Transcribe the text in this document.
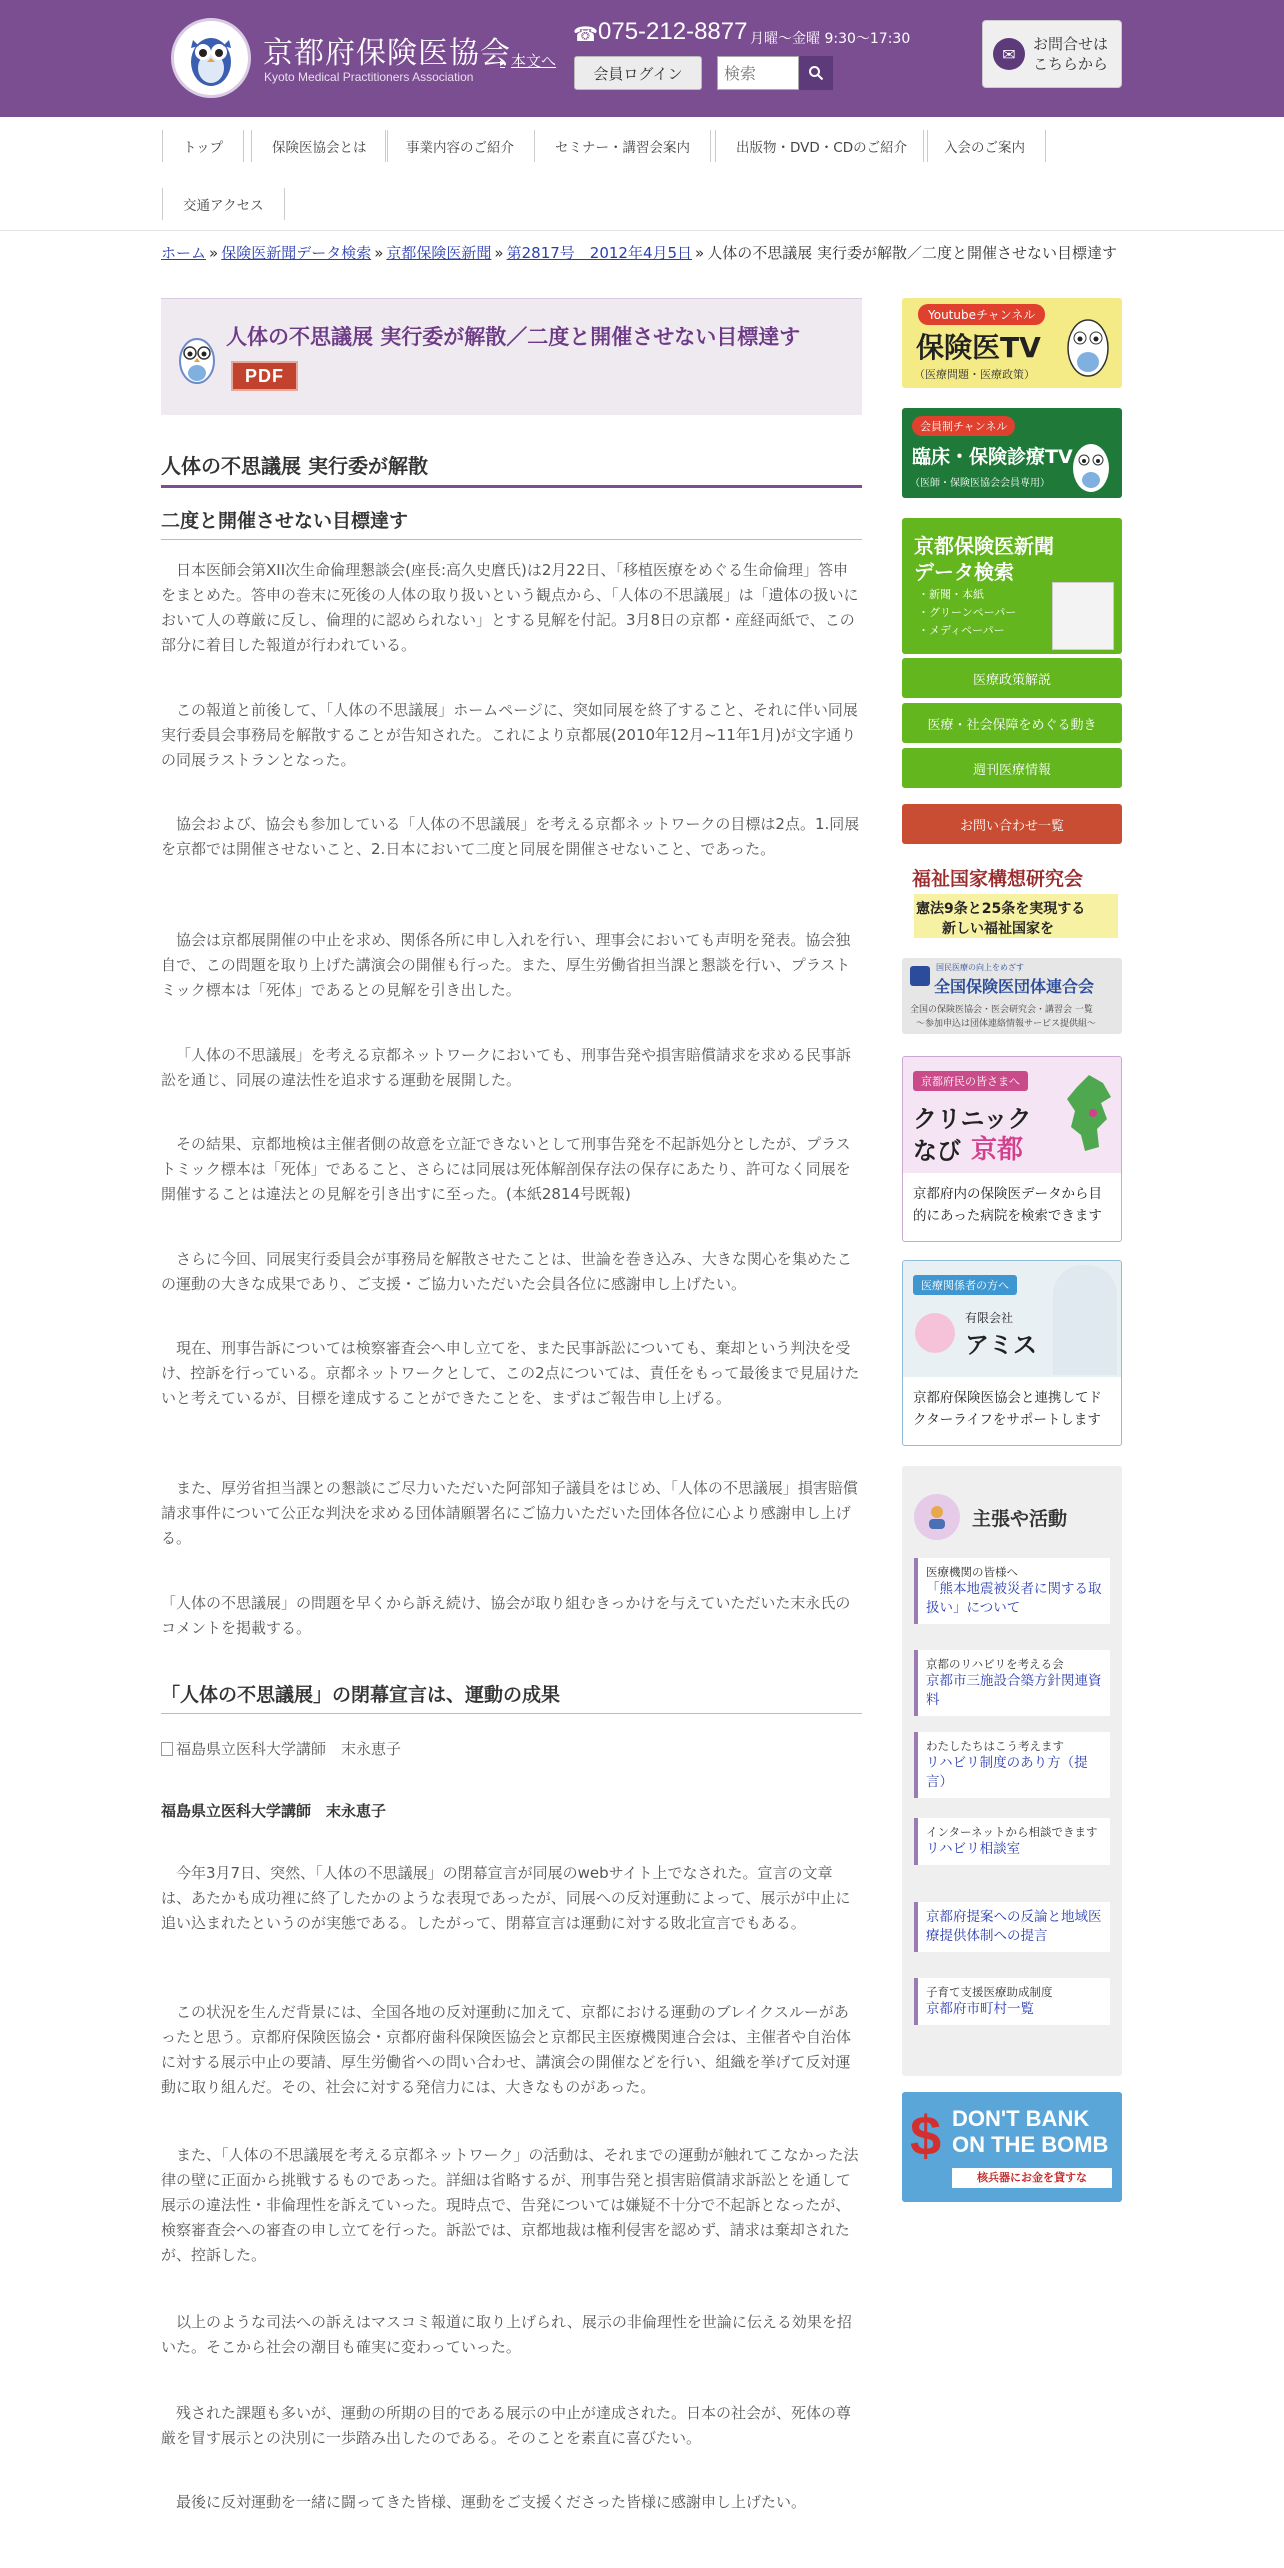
京都府保険医協会
Kyoto Medical Practitioners Association
▸ 本文へ
☎ 075-212-8877 月曜〜金曜 9:30〜17:30
会員ログイン
検索
✉
お問合せは
こちらから
トップ	保険医協会とは	事業内容のご紹介	セミナー・講習会案内	出版物・DVD・CDのご紹介	入会のご案内
交通アクセス
ホーム » 保険医新聞データ検索 » 京都保険医新聞 » 第2817号　2012年4月5日 » 人体の不思議展 実行委が解散／二度と開催させない目標達す
人体の不思議展 実行委が解散／二度と開催させない目標達す
PDF
人体の不思議展 実行委が解散
二度と開催させない目標達す

日本医師会第XII次生命倫理懇談会(座長:高久史麿氏)は2月22日、「移植医療をめぐる生命倫理」答申をまとめた。答申の巻末に死後の人体の取り扱いという観点から、「人体の不思議展」は「遺体の扱いにおいて人の尊厳に反し、倫理的に認められない」とする見解を付記。3月8日の京都・産経両紙で、この部分に着目した報道が行われている。

この報道と前後して、「人体の不思議展」ホームページに、突如同展を終了すること、それに伴い同展実行委員会事務局を解散することが告知された。これにより京都展(2010年12月~11年1月)が文字通りの同展ラストランとなった。

協会および、協会も参加している「人体の不思議展」を考える京都ネットワークの目標は2点。1.同展を京都では開催させないこと、2.日本において二度と同展を開催させないこと、であった。

協会は京都展開催の中止を求め、関係各所に申し入れを行い、理事会においても声明を発表。協会独自で、この問題を取り上げた講演会の開催も行った。また、厚生労働省担当課と懇談を行い、プラストミック標本は「死体」であるとの見解を引き出した。

「人体の不思議展」を考える京都ネットワークにおいても、刑事告発や損害賠償請求を求める民事訴訟を通じ、同展の違法性を追求する運動を展開した。

その結果、京都地検は主催者側の故意を立証できないとして刑事告発を不起訴処分としたが、プラストミック標本は「死体」であること、さらには同展は死体解剖保存法の保存にあたり、許可なく同展を開催することは違法との見解を引き出すに至った。(本紙2814号既報)

さらに今回、同展実行委員会が事務局を解散させたことは、世論を巻き込み、大きな関心を集めたこの運動の大きな成果であり、ご支援・ご協力いただいた会員各位に感謝申し上げたい。

現在、刑事告訴については検察審査会へ申し立てを、また民事訴訟についても、棄却という判決を受け、控訴を行っている。京都ネットワークとして、この2点については、責任をもって最後まで見届けたいと考えているが、目標を達成することができたことを、まずはご報告申し上げる。

また、厚労省担当課との懇談にご尽力いただいた阿部知子議員をはじめ、「人体の不思議展」損害賠償請求事件について公正な判決を求める団体請願署名にご協力いただいた団体各位に心より感謝申し上げる。

「人体の不思議展」の問題を早くから訴え続け、協会が取り組むきっかけを与えていただいた末永氏のコメントを掲載する。

「人体の不思議展」の閉幕宣言は、運動の成果
福島県立医科大学講師　末永恵子
福島県立医科大学講師　末永恵子

今年3月7日、突然、「人体の不思議展」の閉幕宣言が同展のwebサイト上でなされた。宣言の文章は、あたかも成功裡に終了したかのような表現であったが、同展への反対運動によって、展示が中止に追い込まれたというのが実態である。したがって、閉幕宣言は運動に対する敗北宣言でもある。

この状況を生んだ背景には、全国各地の反対運動に加えて、京都における運動のブレイクスルーがあったと思う。京都府保険医協会・京都府歯科保険医協会と京都民主医療機関連合会は、主催者や自治体に対する展示中止の要請、厚生労働省への問い合わせ、講演会の開催などを行い、組織を挙げて反対運動に取り組んだ。その、社会に対する発信力には、大きなものがあった。

また、「人体の不思議展を考える京都ネットワーク」の活動は、それまでの運動が触れてこなかった法律の壁に正面から挑戦するものであった。詳細は省略するが、刑事告発と損害賠償請求訴訟とを通して展示の違法性・非倫理性を訴えていった。現時点で、告発については嫌疑不十分で不起訴となったが、検察審査会への審査の申し立てを行った。訴訟では、京都地裁は権利侵害を認めず、請求は棄却されたが、控訴した。

以上のような司法への訴えはマスコミ報道に取り上げられ、展示の非倫理性を世論に伝える効果を招いた。そこから社会の潮目も確実に変わっていった。

残された課題も多いが、運動の所期の目的である展示の中止が達成された。日本の社会が、死体の尊厳を冒す展示との決別に一歩踏み出したのである。そのことを素直に喜びたい。

最後に反対運動を一緒に闘ってきた皆様、運動をご支援くださった皆様に感謝申し上げたい。

Youtubeチャンネル
保険医TV
（医療問題・医療政策）
会員制チャンネル
臨床・保険診療TV
（医師・保険医協会会員専用）
京都保険医新聞
データ検索
・新聞・本紙
・グリーンペーパー
・メディペーパー
医療政策解説
医療・社会保障をめぐる動き
週刊医療情報
お問い合わせ一覧
福祉国家構想研究会
憲法9条と25条を実現する
新しい福祉国家を
国民医療の向上をめざす
全国保険医団体連合会
全国の保険医協会・医会研究会・講習会 一覧
～参加申込は団体連絡情報サービス提供組～
京都府民の皆さまへ
クリニック
なび 京都
京都府内の保険医データから目的にあった病院を検索できます
医療関係者の方へ
有限会社
アミス
京都府保険医協会と連携してドクターライフをサポートします
主張や活動
医療機関の皆様へ
「熊本地震被災者に関する取扱い」について
京都のリハビリを考える会
京都市三施設合築方針関連資料
わたしたちはこう考えます
リハビリ制度のあり方（提言）
インターネットから相談できます
リハビリ相談室
京都府提案への反論と地域医療提供体制への提言
子育て支援医療助成制度
京都府市町村一覧
$ DON'T BANK
ON THE BOMB
核兵器にお金を貸すな
